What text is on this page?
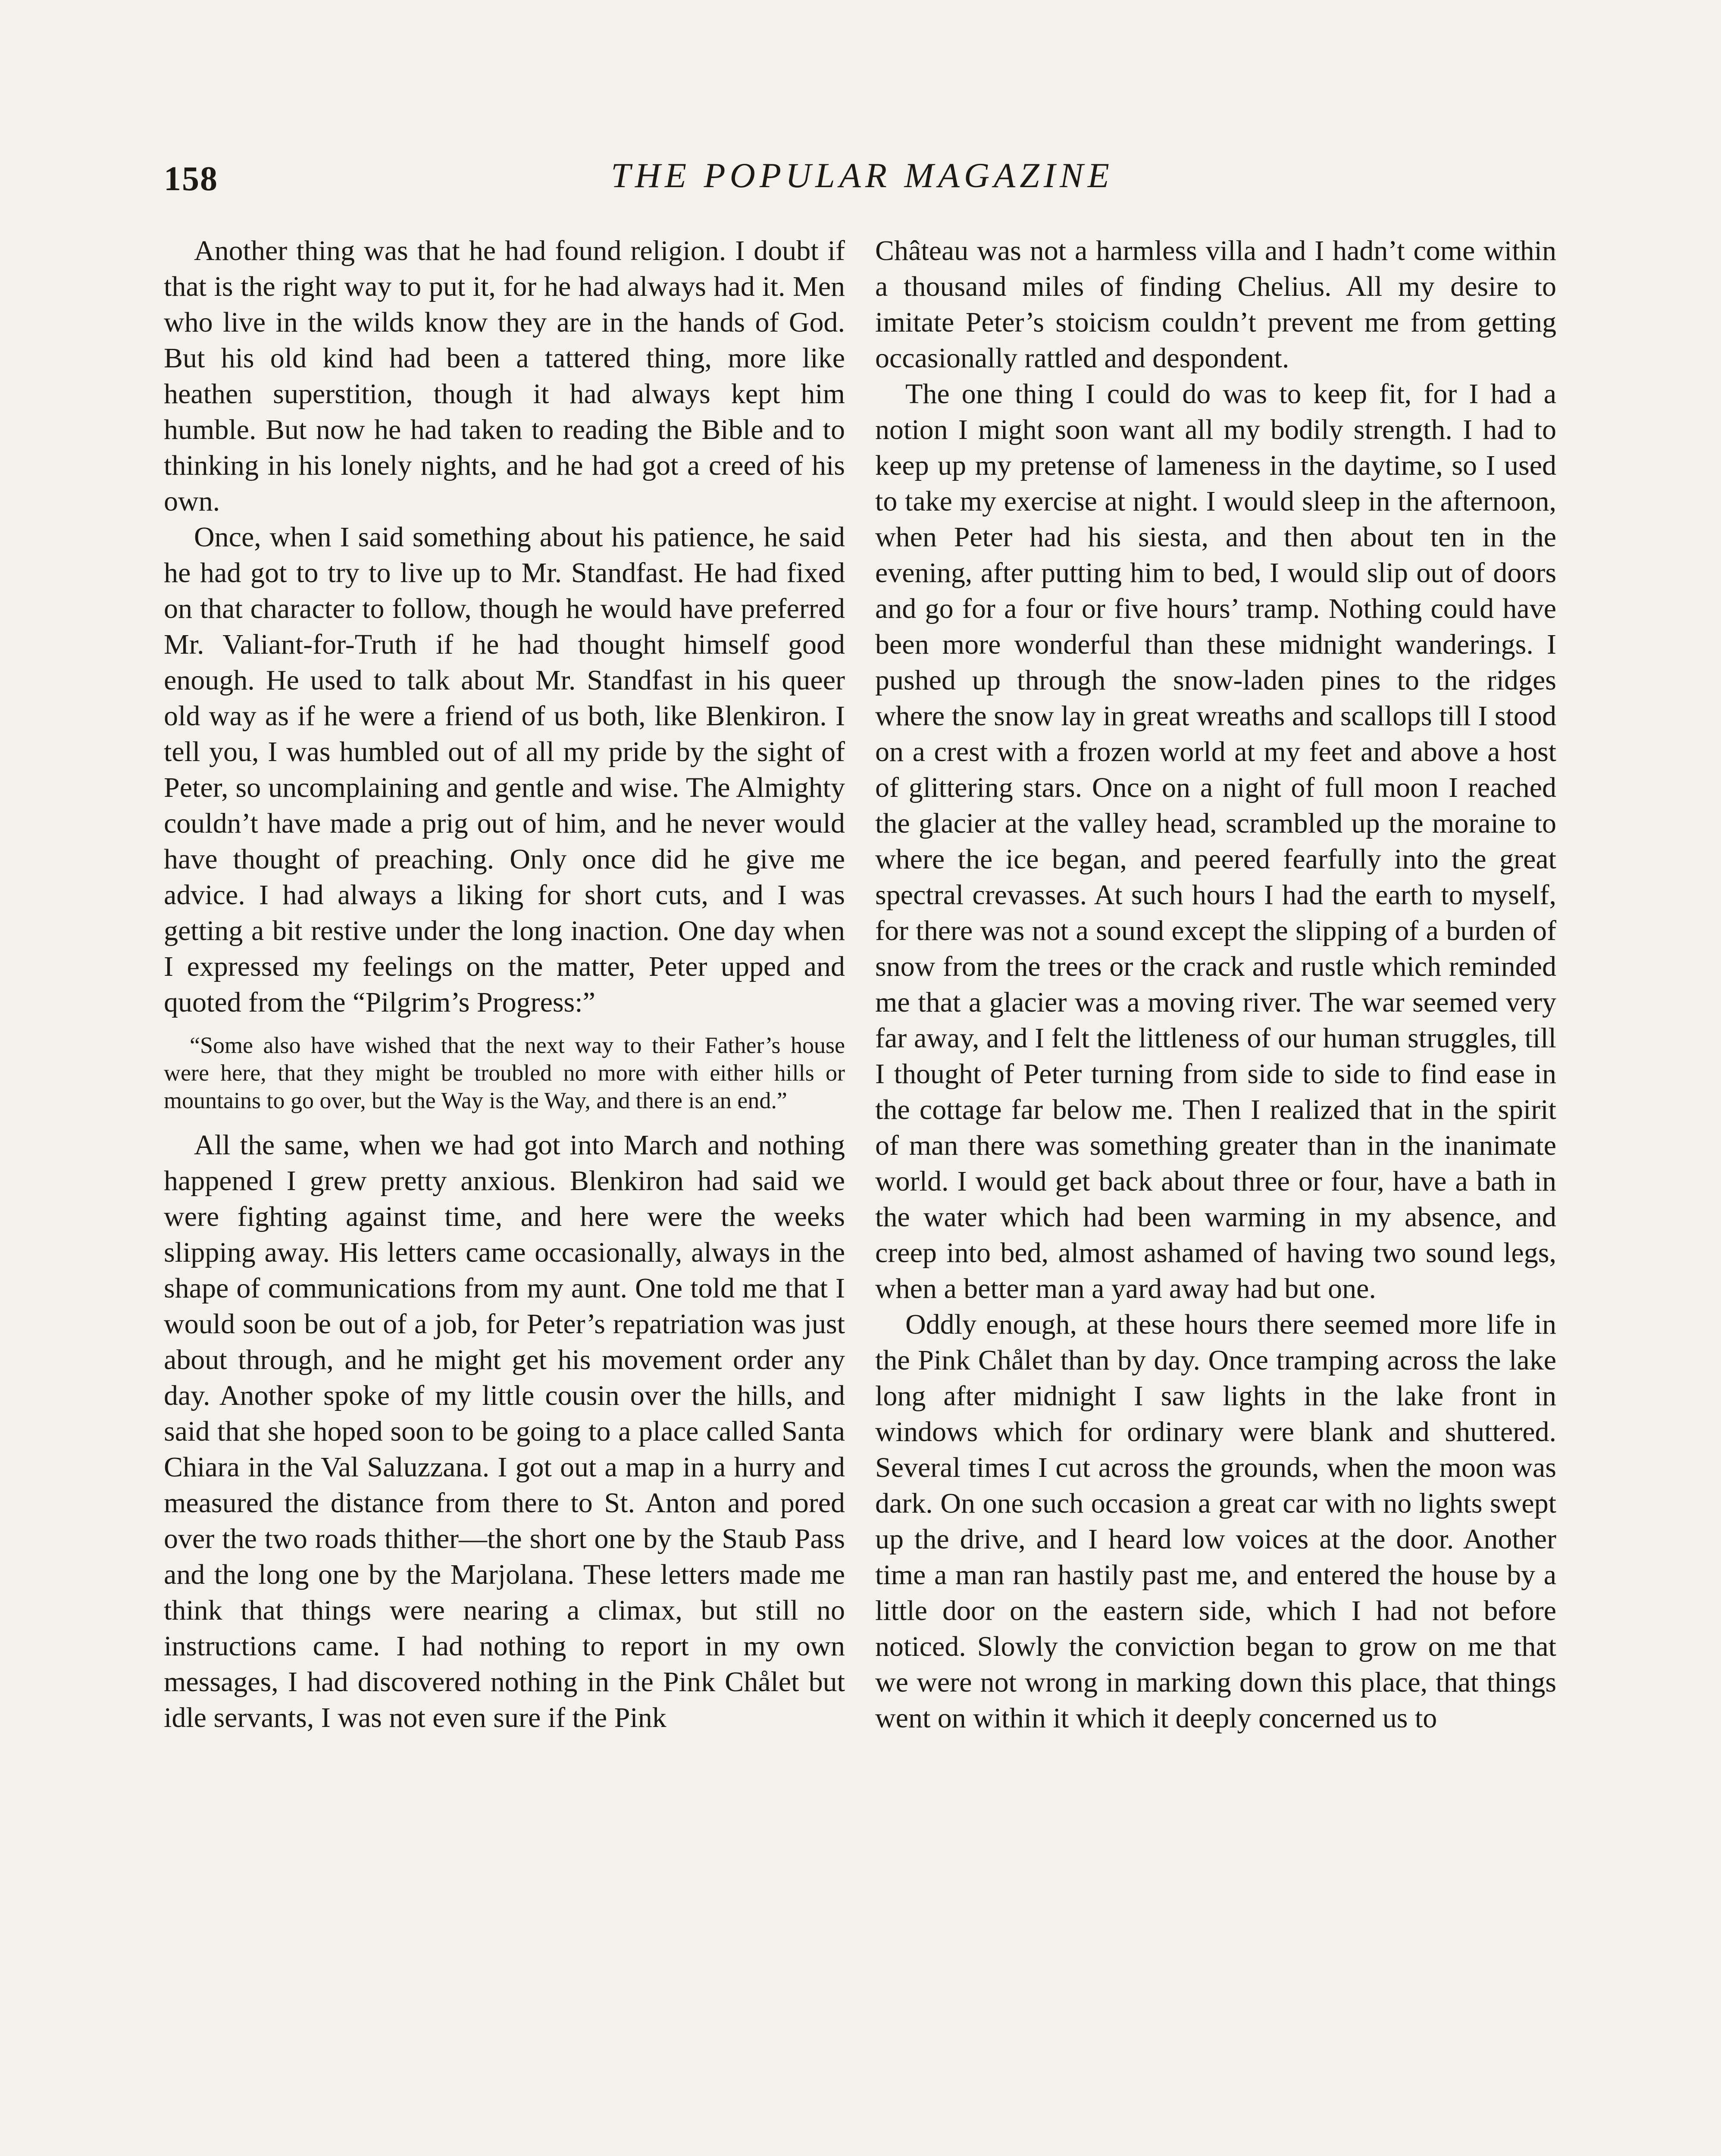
158	THE POPULAR MAGAZINE

Another thing was that he had found religion. I doubt if that is the right way to put it, for he had always had it. Men who live in the wilds know they are in the hands of God. But his old kind had been a tattered thing, more like heathen superstition, though it had always kept him humble. But now he had taken to reading the Bible and to thinking in his lonely nights, and he had got a creed of his own.

Once, when I said something about his patience, he said he had got to try to live up to Mr. Standfast. He had fixed on that character to follow, though he would have preferred Mr. Valiant-for-Truth if he had thought himself good enough. He used to talk about Mr. Standfast in his queer old way as if he were a friend of us both, like Blenkiron. I tell you, I was humbled out of all my pride by the sight of Peter, so uncomplaining and gentle and wise. The Almighty couldn’t have made a prig out of him, and he never would have thought of preaching. Only once did he give me advice. I had always a liking for short cuts, and I was getting a bit restive under the long inaction. One day when I expressed my feelings on the matter, Peter upped and quoted from the “Pilgrim’s Progress:”

“Some also have wished that the next way to their Father’s house were here, that they might be troubled no more with either hills or mountains to go over, but the Way is the Way, and there is an end.”

All the same, when we had got into March and nothing happened I grew pretty anxious. Blenkiron had said we were fighting against time, and here were the weeks slipping away. His letters came occasionally, always in the shape of communications from my aunt. One told me that I would soon be out of a job, for Peter’s repatriation was just about through, and he might get his movement order any day. Another spoke of my little cousin over the hills, and said that she hoped soon to be going to a place called Santa Chiara in the Val Saluzzana. I got out a map in a hurry and measured the distance from there to St. Anton and pored over the two roads thither—the short one by the Staub Pass and the long one by the Marjolana. These letters made me think that things were nearing a climax, but still no instructions came. I had nothing to report in my own messages, I had discovered nothing in the Pink Chålet but idle servants, I was not even sure if the Pink

Château was not a harmless villa and I hadn’t come within a thousand miles of finding Chelius. All my desire to imitate Peter’s stoicism couldn’t prevent me from getting occasionally rattled and despondent.

The one thing I could do was to keep fit, for I had a notion I might soon want all my bodily strength. I had to keep up my pretense of lameness in the daytime, so I used to take my exercise at night. I would sleep in the afternoon, when Peter had his siesta, and then about ten in the evening, after putting him to bed, I would slip out of doors and go for a four or five hours’ tramp. Nothing could have been more wonderful than these midnight wanderings. I pushed up through the snow-laden pines to the ridges where the snow lay in great wreaths and scallops till I stood on a crest with a frozen world at my feet and above a host of glittering stars. Once on a night of full moon I reached the glacier at the valley head, scrambled up the moraine to where the ice began, and peered fearfully into the great spectral crevasses. At such hours I had the earth to myself, for there was not a sound except the slipping of a burden of snow from the trees or the crack and rustle which reminded me that a glacier was a moving river. The war seemed very far away, and I felt the littleness of our human struggles, till I thought of Peter turning from side to side to find ease in the cottage far below me. Then I realized that in the spirit of man there was something greater than in the inanimate world. I would get back about three or four, have a bath in the water which had been warming in my absence, and creep into bed, almost ashamed of having two sound legs, when a better man a yard away had but one.

Oddly enough, at these hours there seemed more life in the Pink Chålet than by day. Once tramping across the lake long after midnight I saw lights in the lake front in windows which for ordinary were blank and shuttered. Several times I cut across the grounds, when the moon was dark. On one such occasion a great car with no lights swept up the drive, and I heard low voices at the door. Another time a man ran hastily past me, and entered the house by a little door on the eastern side, which I had not before noticed. Slowly the conviction began to grow on me that we were not wrong in marking down this place, that things went on within it which it deeply concerned us to
